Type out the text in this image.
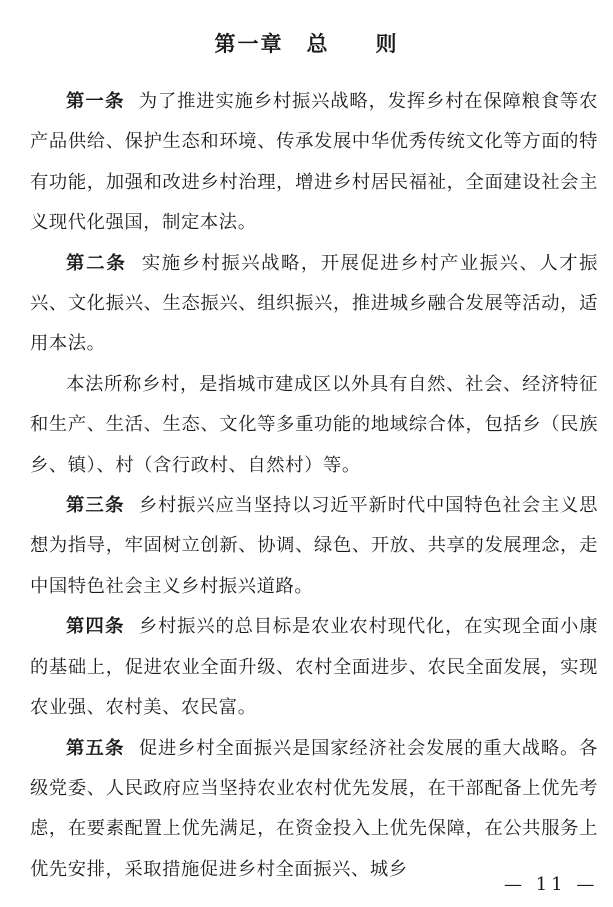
第一章　总　　则

第一条 为了推进实施乡村振兴战略，发挥乡村在保障粮食等农产品供给、保护生态和环境、传承发展中华优秀传统文化等方面的特有功能，加强和改进乡村治理，增进乡村居民福祉，全面建设社会主义现代化强国，制定本法。

第二条 实施乡村振兴战略，开展促进乡村产业振兴、人才振兴、文化振兴、生态振兴、组织振兴，推进城乡融合发展等活动，适用本法。

本法所称乡村，是指城市建成区以外具有自然、社会、经济特征和生产、生活、生态、文化等多重功能的地域综合体，包括乡（民族乡、镇）、村（含行政村、自然村）等。

第三条 乡村振兴应当坚持以习近平新时代中国特色社会主义思想为指导，牢固树立创新、协调、绿色、开放、共享的发展理念，走中国特色社会主义乡村振兴道路。

第四条 乡村振兴的总目标是农业农村现代化，在实现全面小康的基础上，促进农业全面升级、农村全面进步、农民全面发展，实现农业强、农村美、农民富。

第五条 促进乡村全面振兴是国家经济社会发展的重大战略。各级党委、人民政府应当坚持农业农村优先发展，在干部配备上优先考虑，在要素配置上优先满足，在资金投入上优先保障，在公共服务上优先安排，采取措施促进乡村全面振兴、城乡

— 11 —
